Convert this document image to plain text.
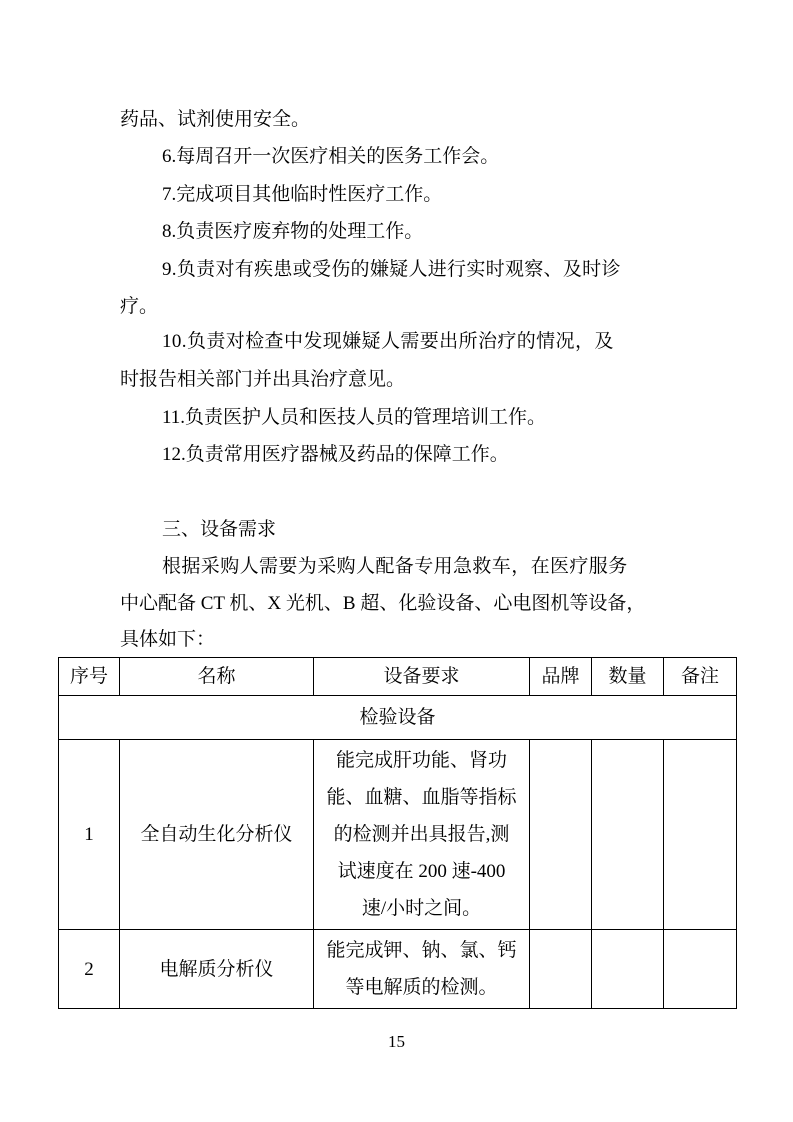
药品、试剂使用安全。
6.每周召开一次医疗相关的医务工作会。
7.完成项目其他临时性医疗工作。
8.负责医疗废弃物的处理工作。
9.负责对有疾患或受伤的嫌疑人进行实时观察、及时诊
疗。
10.负责对检查中发现嫌疑人需要出所治疗的情况，及
时报告相关部门并出具治疗意见。
11.负责医护人员和医技人员的管理培训工作。
12.负责常用医疗器械及药品的保障工作。
三、设备需求
根据采购人需要为采购人配备专用急救车，在医疗服务
中心配备 CT 机、X 光机、B 超、化验设备、心电图机等设备，
具体如下：
序号	名称	设备要求	品牌	数量	备注
检验设备					
1	全自动生化分析仪	能完成肝功能、肾功
能、血糖、血脂等指标
的检测并出具报告,测
试速度在 200 速-400
速/小时之间。			

2	电解质分析仪	能完成钾、钠、氯、钙
等电解质的检测。			

15
